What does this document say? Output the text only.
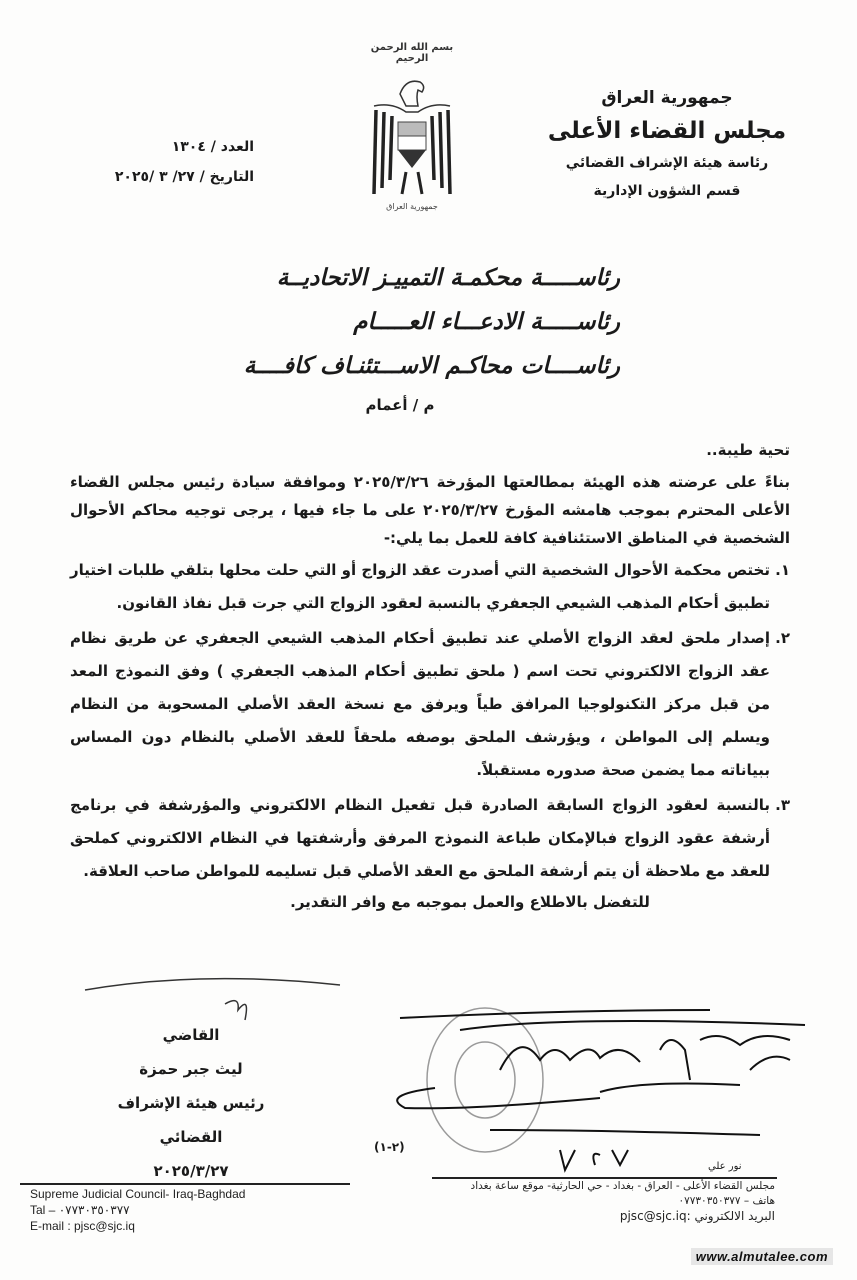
جمهورية العراق
مجلس القضاء الأعلى
رئاسة هيئة الإشراف القضائي
قسم الشؤون الإدارية
بسم الله الرحمن الرحيم
جمهورية العراق
العدد / ١٣٠٤
التاريخ / ٢٧/ ٣ /٢٠٢٥
رئاســـــة محكمـة التمييـز الاتحاديــة
رئاســـــة الادعـــاء العـــــام
رئاســــات محاكـم الاســـتئنـاف كافــــة
م / أعمام
تحية طيبة..

بناءً على عرضته هذه الهيئة بمطالعتها المؤرخة ٢٠٢٥/٣/٢٦ وموافقة سيادة رئيس مجلس القضاء الأعلى المحترم بموجب هامشه المؤرخ ٢٠٢٥/٣/٢٧ على ما جاء فيها ، يرجى توجيه محاكم الأحوال الشخصية في المناطق الاستئنافية كافة للعمل بما يلي:-

١.
تختص محكمة الأحوال الشخصية التي أصدرت عقد الزواج أو التي حلت محلها بتلقي طلبات اختيار تطبيق أحكام المذهب الشيعي الجعفري بالنسبة لعقود الزواج التي جرت قبل نفاذ القانون.
٢.
إصدار ملحق لعقد الزواج الأصلي عند تطبيق أحكام المذهب الشيعي الجعفري عن طريق نظام عقد الزواج الالكتروني تحت اسم ( ملحق تطبيق أحكام المذهب الجعفري ) وفق النموذج المعد من قبل مركز التكنولوجيا المرافق طياً ويرفق مع نسخة العقد الأصلي المسحوبة من النظام ويسلم إلى المواطن ، ويؤرشف الملحق بوصفه ملحقاً للعقد الأصلي بالنظام دون المساس ببياناته مما يضمن صحة صدوره مستقبلاً.
٣.
بالنسبة لعقود الزواج السابقة الصادرة قبل تفعيل النظام الالكتروني والمؤرشفة في برنامج أرشفة عقود الزواج فبالإمكان طباعة النموذج المرفق وأرشفتها في النظام الالكتروني كملحق للعقد مع ملاحظة أن يتم أرشفة الملحق مع العقد الأصلي قبل تسليمه للمواطن صاحب العلاقة.
للتفضل بالاطلاع والعمل بموجبه مع وافر التقدير.
القاضي
ليث جبر حمزة
رئيس هيئة الإشراف القضائي
٢٠٢٥/٣/٢٧
(٢-١)
نور علي
Supreme Judicial Council- Iraq-Baghdad
Tal – ٠٧٧٣٠٣٥٠٣٧٧
E-mail : pjsc@sjc.iq
مجلس القضاء الأعلى - العراق - بغداد - حي الحارثية- موقع ساعة بغداد
هاتف – ٠٧٧٣٠٣٥٠٣٧٧
البريد الالكتروني :pjsc@sjc.iq
www.almutalee.com
